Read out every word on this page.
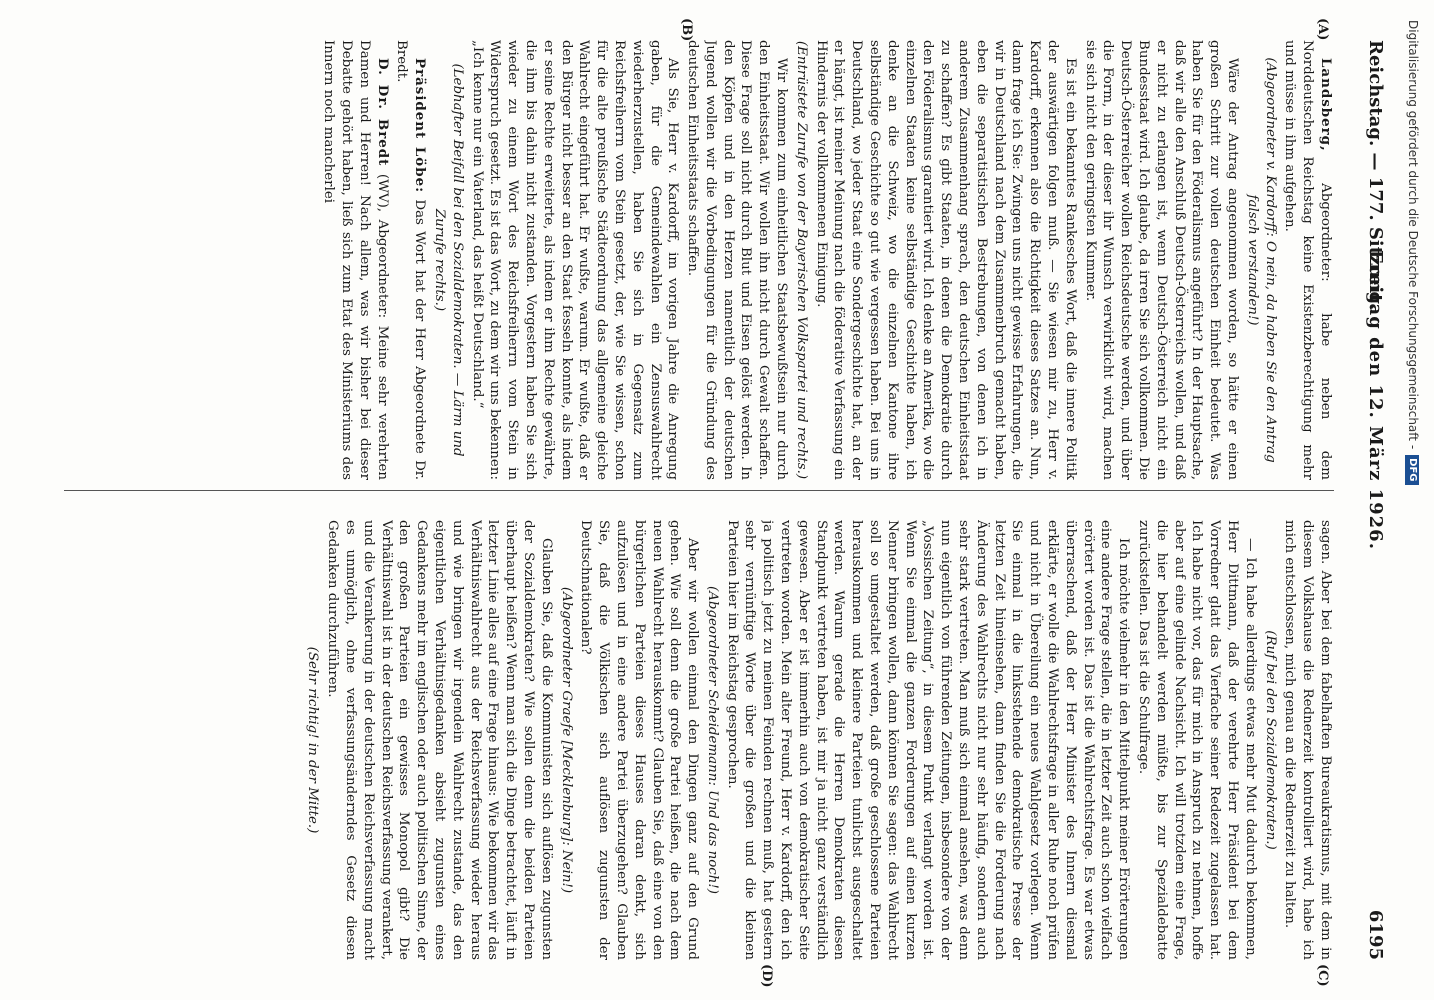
Reichstag. — 177. Sitzung.
Freitag den 12. März 1926.
6195
(A)
(B)
(C)
(D)

Landsberg, Abgeordneter: habe neben dem Norddeutschen Reichstag keine Existenzberechtigung mehr und müsse in ihm aufgehen.

(Abgeordneter v. Kardorff: O nein, da haben Sie den Antrag falsch verstanden!)

Wäre der Antrag angenommen worden, so hätte er einen großen Schritt zur vollen deutschen Einheit bedeutet. Was haben Sie für den Föderalismus angeführt? In der Hauptsache, daß wir alle den Anschluß Deutsch-Österreichs wollen, und daß er nicht zu erlangen ist, wenn Deutsch-Österreich nicht ein Bundesstaat wird. Ich glaube, da irren Sie sich vollkommen. Die Deutsch-Österreicher wollen Reichsdeutsche werden, und über die Form, in der dieser ihr Wunsch verwirklicht wird, machen sie sich nicht den geringsten Kummer.

Es ist ein bekanntes Rankesches Wort, daß die innere Politik der auswärtigen folgen muß. — Sie wiesen mir zu, Herr v. Kardorff, erkennen also die Richtigkeit dieses Satzes an. Nun, dann frage ich Sie: Zwingen uns nicht gewisse Erfahrungen, die wir in Deutschland nach dem Zusammenbruch gemacht haben, eben die separatistischen Bestrebungen, von denen ich in anderem Zusammenhang sprach, den deutschen Einheitsstaat zu schaffen? Es gibt Staaten, in denen die Demokratie durch den Föderalismus garantiert wird. Ich denke an Amerika, wo die einzelnen Staaten keine selbständige Geschichte haben, ich denke an die Schweiz, wo die einzelnen Kantone ihre selbständige Geschichte so gut wie vergessen haben. Bei uns in Deutschland, wo jeder Staat eine Sondergeschichte hat, an der er hängt, ist meiner Meinung nach die föderative Verfassung ein Hindernis der vollkommenen Einigung.

(Entrüstete Zurufe von der Bayerischen Volkspartei und rechts.)

Wir kommen zum einheitlichen Staatsbewußtsein nur durch den Einheitsstaat. Wir wollen ihn nicht durch Gewalt schaffen. Diese Frage soll nicht durch Blut und Eisen gelöst werden. In den Köpfen und in den Herzen namentlich der deutschen Jugend wollen wir die Vorbedingungen für die Gründung des deutschen Einheitsstaats schaffen.

Als Sie, Herr v. Kardorff, im vorigen Jahre die Anregung gaben, für die Gemeindewahlen ein Zensuswahlrecht wiederherzustellen, haben Sie sich in Gegensatz zum Reichsfreiherrn vom Stein gesetzt, der, wie Sie wissen, schon für die alte preußische Städteordnung das allgemeine gleiche Wahlrecht eingeführt hat. Er wußte, warum. Er wußte, daß er den Bürger nicht besser an den Staat fesseln konnte, als indem er seine Rechte erweiterte, als indem er ihm Rechte gewährte, die ihm bis dahin nicht zustanden. Vorgestern haben Sie sich wieder zu einem Wort des Reichsfreiherrn vom Stein in Widerspruch gesetzt. Es ist das Wort, zu dem wir uns bekennen: „Ich kenne nur ein Vaterland, das heißt Deutschland.“

(Lebhafter Beifall bei den Sozialdemokraten. — Lärm und Zurufe rechts.)

Präsident Löbe: Das Wort hat der Herr Abgeordnete Dr. Bredt.

D. Dr. Bredt (WV), Abgeordneter: Meine sehr verehrten Damen und Herren! Nach allem, was wir bisher bei dieser Debatte gehört haben, ließ sich zum Etat des Ministeriums des Innern noch mancherlei

sagen. Aber bei dem fabelhaften Bureaukratismus, mit dem in diesem Volkshause die Rednerzeit kontrolliert wird, habe ich mich entschlossen, mich genau an die Rednerzeit zu halten.

(Ruf bei den Sozialdemokraten.)

— Ich habe allerdings etwas mehr Mut dadurch bekommen, Herr Dittmann, daß der verehrte Herr Präsident bei dem Vorredner glatt das Vierfache seiner Redezeit zugelassen hat. Ich habe nicht vor, das für mich in Anspruch zu nehmen, hoffe aber auf eine gelinde Nachsicht. Ich will trotzdem eine Frage, die hier behandelt werden müßte, bis zur Spezialdebatte zurückstellen. Das ist die Schulfrage.

Ich möchte vielmehr in den Mittelpunkt meiner Erörterungen eine andere Frage stellen, die in letzter Zeit auch schon vielfach erörtert worden ist. Das ist die Wahlrechtsfrage. Es war etwas überraschend, daß der Herr Minister des Innern diesmal erklärte, er wolle die Wahlrechtsfrage in aller Ruhe noch prüfen und nicht in Übereilung ein neues Wahlgesetz vorlegen. Wenn Sie einmal in die linksstehende demokratische Presse der letzten Zeit hineinsehen, dann finden Sie die Forderung nach Änderung des Wahlrechts nicht nur sehr häufig, sondern auch sehr stark vertreten. Man muß sich einmal ansehen, was denn nun eigentlich von führenden Zeitungen, insbesondere von der „Vossischen Zeitung“, in diesem Punkt verlangt worden ist. Wenn Sie einmal die ganzen Forderungen auf einen kurzen Nenner bringen wollen, dann können Sie sagen: das Wahlrecht soll so umgestaltet werden, daß große geschlossene Parteien herauskommen und kleinere Parteien tunlichst ausgeschaltet werden. Warum gerade die Herren Demokraten diesen Standpunkt vertreten haben, ist mir ja nicht ganz verständlich gewesen. Aber er ist immerhin auch von demokratischer Seite vertreten worden. Mein alter Freund, Herr v. Kardorff, den ich ja politisch jetzt zu meinen Feinden rechnen muß, hat gestern sehr vernünftige Worte über die großen und die kleinen Parteien hier im Reichstag gesprochen.

(Abgeordneter Scheidemann: Und das noch!)

Aber wir wollen einmal den Dingen ganz auf den Grund gehen. Wie soll denn die große Partei heißen, die nach dem neuen Wahlrecht herauskommt? Glauben Sie, daß eine von den bürgerlichen Parteien dieses Hauses daran denkt, sich aufzulösen und in eine andere Partei überzugehen? Glauben Sie, daß die Völkischen sich auflösen zugunsten der Deutschnationalen?

(Abgeordneter Graefe [Mecklenburg]: Nein!)

Glauben Sie, daß die Kommunisten sich auflösen zugunsten der Sozialdemokraten? Wie sollen denn die beiden Parteien überhaupt heißen? Wenn man sich die Dinge betrachtet, läuft in letzter Linie alles auf eine Frage hinaus: Wie bekommen wir das Verhältniswahlrecht aus der Reichsverfassung wieder heraus und wie bringen wir irgendein Wahlrecht zustande, das den eigentlichen Verhältnisgedanken absieht zugunsten eines Gedankens mehr im englischen oder auch politischen Sinne, der den großen Parteien ein gewisses Monopol gibt? Die Verhältniswahl ist in der deutschen Reichsverfassung verankert, und die Verankerung in der deutschen Reichsverfassung macht es unmöglich, ohne verfassungsänderndes Gesetz diesen Gedanken durchzuführen.

(Sehr richtig! in der Mitte.)

Digitalisierung gefördert durch die Deutsche Forschungsgemeinschaft -DFG
